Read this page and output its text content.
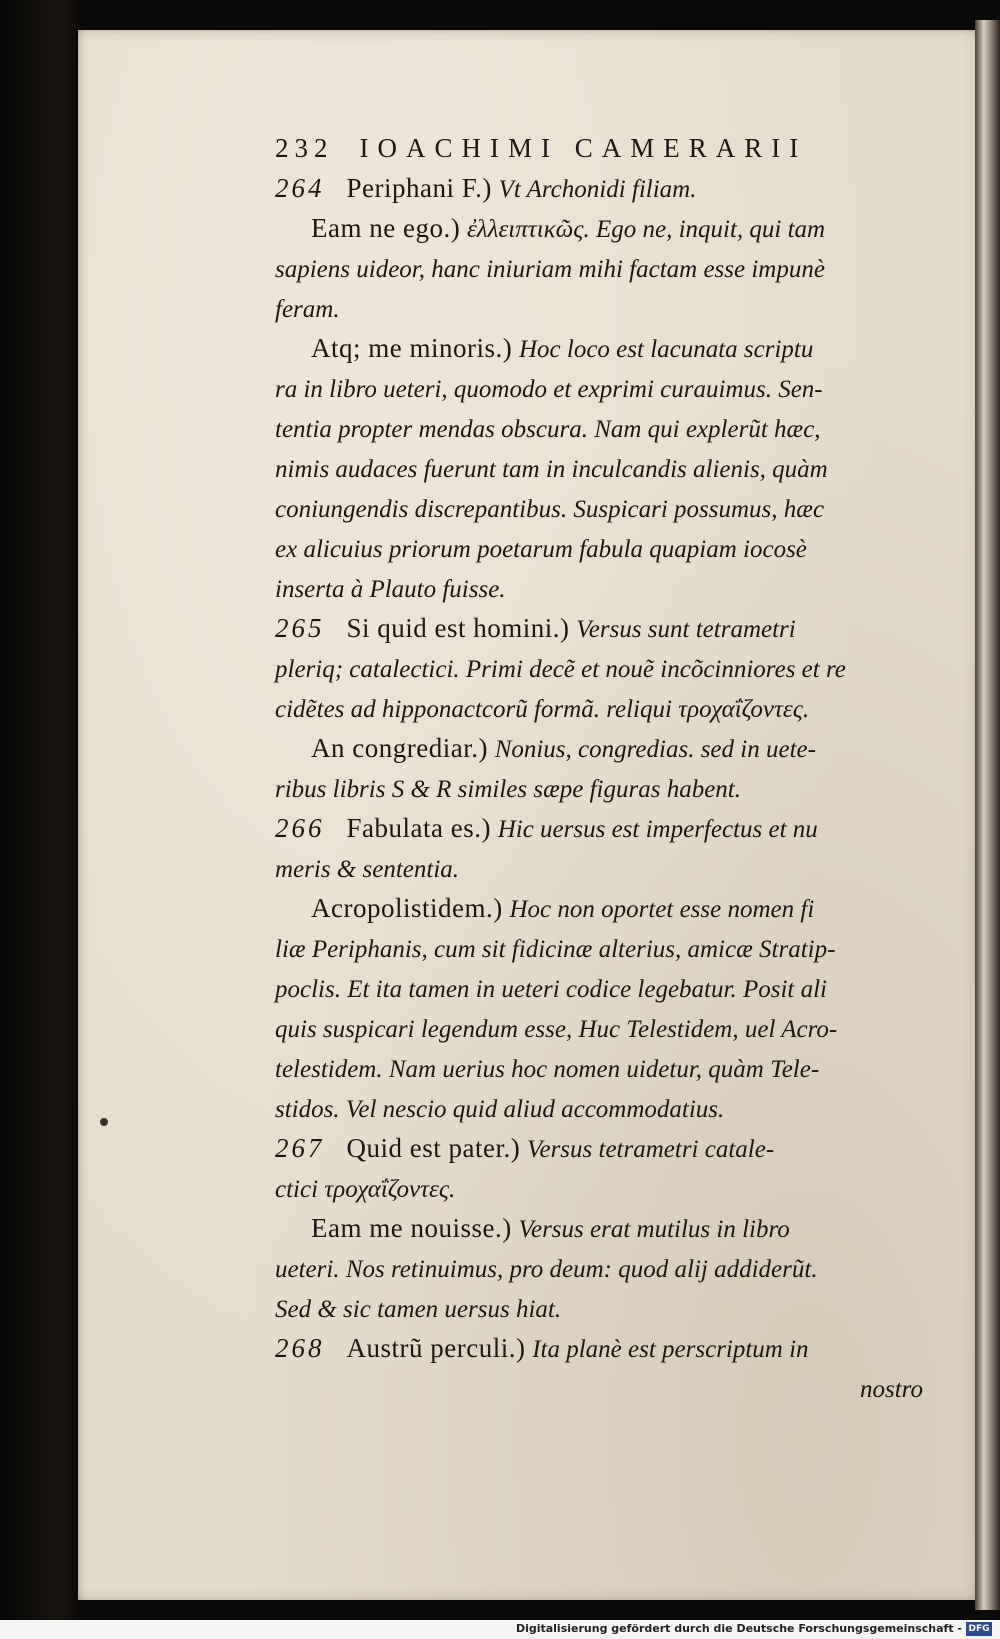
232 IOACHIMI CAMERARII
264 Periphani F.) Vt Archonidi filiam.
Eam ne ego.) ἐλλειπτικῶς. Ego ne, inquit, qui tam
sapiens uideor, hanc iniuriam mihi factam esse impunè
feram.
Atq; me minoris.) Hoc loco est lacunata scriptu
ra in libro ueteri, quomodo et exprimi curauimus. Sen-
tentia propter mendas obscura. Nam qui explerũt hæc,
nimis audaces fuerunt tam in inculcandis alienis, quàm
coniungendis discrepantibus. Suspicari possumus, hæc
ex alicuius priorum poetarum fabula quapiam iocosè
inserta à Plauto fuisse.
265 Si quid est homini.) Versus sunt tetrametri
pleriq; catalectici. Primi decẽ et nouẽ incõcinniores et re
cidẽtes ad hipponactcorũ formã. reliqui τροχαΐζοντες.
An congrediar.) Nonius, congredias. sed in uete-
ribus libris S & R similes sæpe figuras habent.
266 Fabulata es.) Hic uersus est imperfectus et nu
meris & sententia.
Acropolistidem.) Hoc non oportet esse nomen fi
liæ Periphanis, cum sit fidicinæ alterius, amicæ Stratip-
poclis. Et ita tamen in ueteri codice legebatur. Posit ali
quis suspicari legendum esse, Huc Telestidem, uel Acro-
telestidem. Nam uerius hoc nomen uidetur, quàm Tele-
stidos. Vel nescio quid aliud accommodatius.
267 Quid est pater.) Versus tetrametri catale-
ctici τροχαΐζοντες.
Eam me nouisse.) Versus erat mutilus in libro
ueteri. Nos retinuimus, pro deum: quod alij addiderũt.
Sed & sic tamen uersus hiat.
268 Austrũ perculi.) Ita planè est perscriptum in
nostro
Digitalisierung gefördert durch die Deutsche Forschungsgemeinschaft - DFG
